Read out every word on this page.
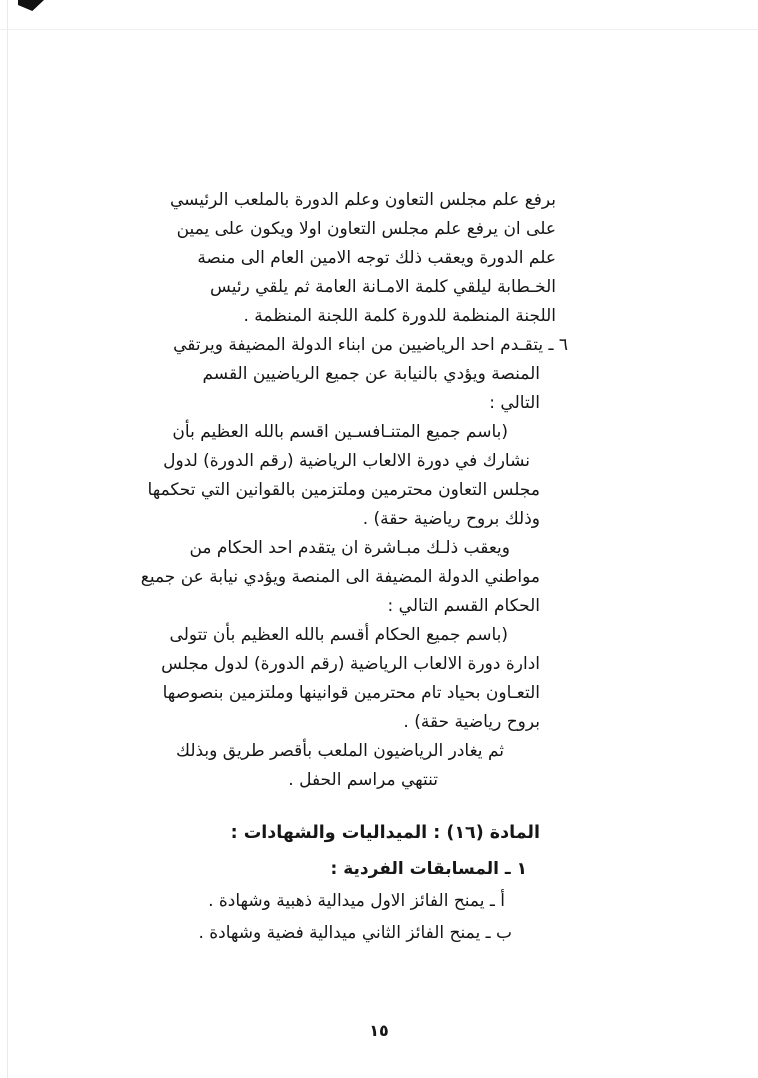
برفع علم مجلس التعاون وعلم الدورة بالملعب الرئيسي

على ان يرفع علم مجلس التعاون اولا ويكون على يمين

علم الدورة ويعقب ذلك توجه الامين العام الى منصة

الخـطابة ليلقي كلمة الامـانة العامة ثم يلقي رئيس

اللجنة المنظمة للدورة كلمة اللجنة المنظمة .

٦ ـ يتقـدم احد الرياضيين من ابناء الدولة المضيفة ويرتقي

المنصة ويؤدي بالنيابة عن جميع الرياضيين القسم

التالي :

(باسم جميع المتنـافسـين اقسم بالله العظيم بأن

نشارك في دورة الالعاب الرياضية (رقم الدورة) لدول

مجلس التعاون محترمين وملتزمين بالقوانين التي تحكمها

وذلك بروح رياضية حقة) .

ويعقب ذلـك مبـاشرة ان يتقدم احد الحكام من

مواطني الدولة المضيفة الى المنصة ويؤدي نيابة عن جميع

الحكام القسم التالي :

(باسم جميع الحكام أقسم بالله العظيم بأن تتولى

ادارة دورة الالعاب الرياضية (رقم الدورة) لدول مجلس

التعـاون بحياد تام محترمين قوانينها وملتزمين بنصوصها

بروح رياضية حقة) .

ثم يغادر الرياضيون الملعب بأقصر طريق وبذلك

تنتهي مراسم الحفل .

المادة (١٦) : الميداليات والشهادات :

١ ـ المسابقات الفردية :

أ ـ يمنح الفائز الاول ميدالية ذهبية وشهادة .

ب ـ يمنح الفائز الثاني ميدالية فضية وشهادة .

١٥
